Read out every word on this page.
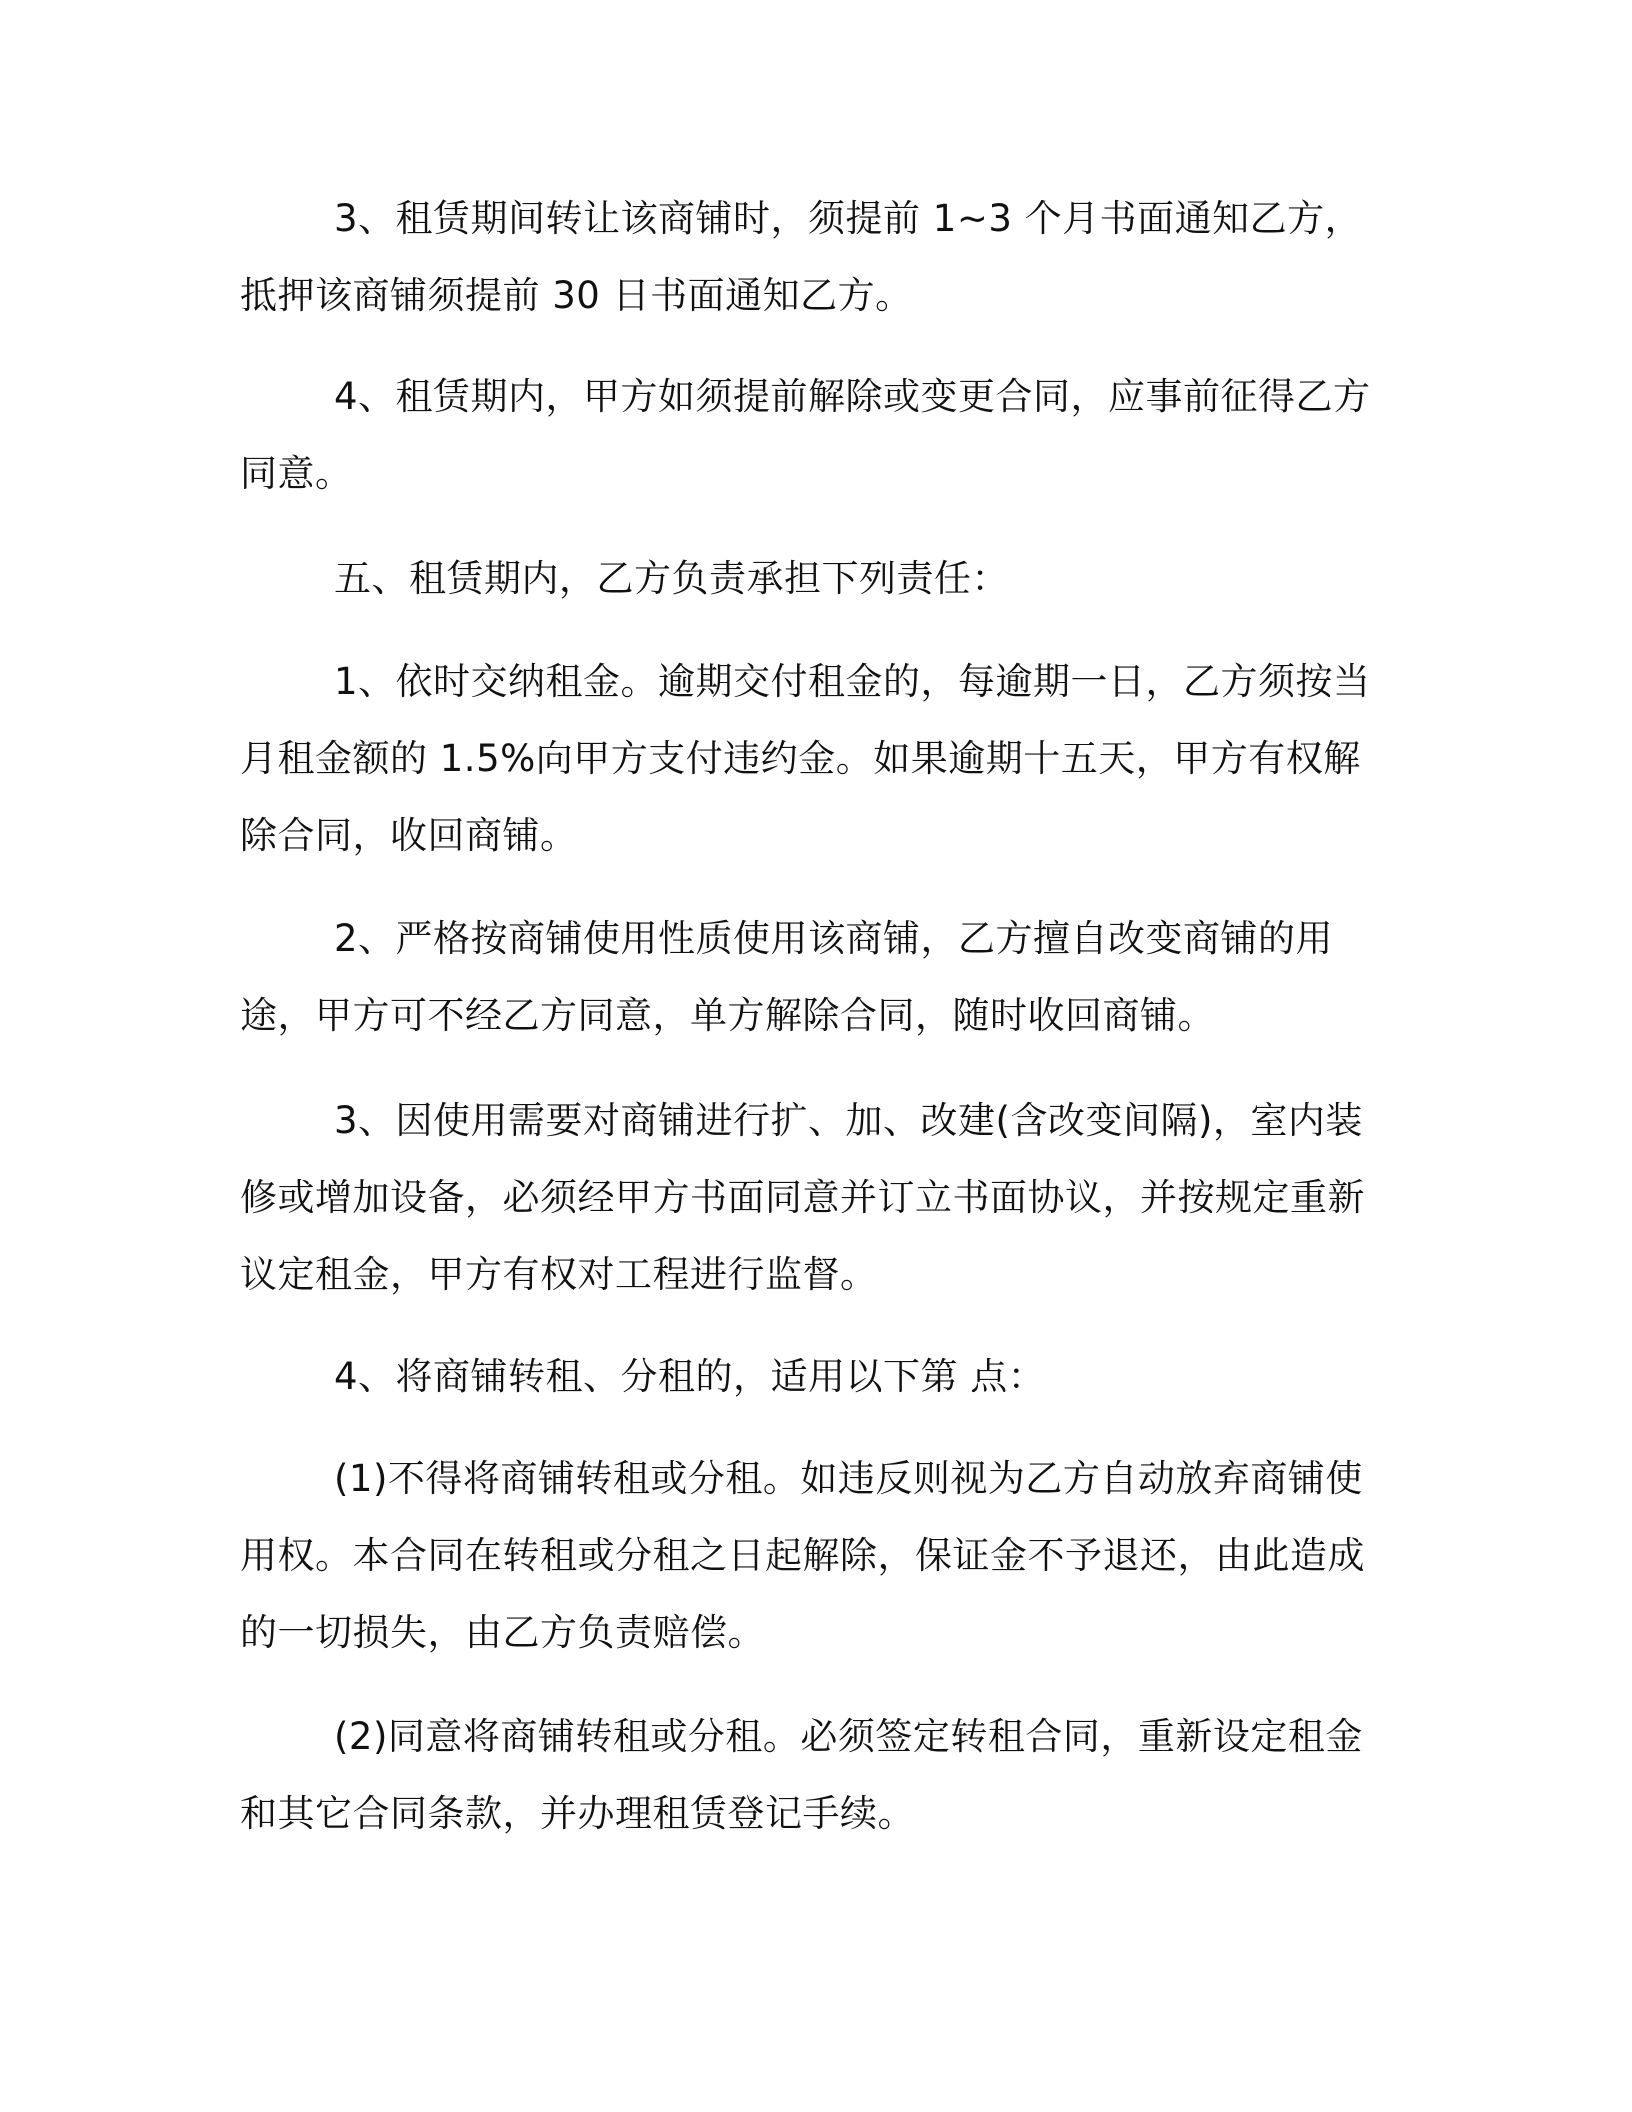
3、租赁期间转让该商铺时，须提前 1~3 个月书面通知乙方，抵押该商铺须提前 30 日书面通知乙方。

4、租赁期内，甲方如须提前解除或变更合同，应事前征得乙方同意。

五、租赁期内，乙方负责承担下列责任：

1、依时交纳租金。逾期交付租金的，每逾期一日，乙方须按当月租金额的 1.5%向甲方支付违约金。如果逾期十五天，甲方有权解除合同，收回商铺。

2、严格按商铺使用性质使用该商铺，乙方擅自改变商铺的用途，甲方可不经乙方同意，单方解除合同，随时收回商铺。

3、因使用需要对商铺进行扩、加、改建(含改变间隔)，室内装修或增加设备，必须经甲方书面同意并订立书面协议，并按规定重新议定租金，甲方有权对工程进行监督。

4、将商铺转租、分租的，适用以下第 点：

(1)不得将商铺转租或分租。如违反则视为乙方自动放弃商铺使用权。本合同在转租或分租之日起解除，保证金不予退还，由此造成的一切损失，由乙方负责赔偿。

(2)同意将商铺转租或分租。必须签定转租合同，重新设定租金和其它合同条款，并办理租赁登记手续。
